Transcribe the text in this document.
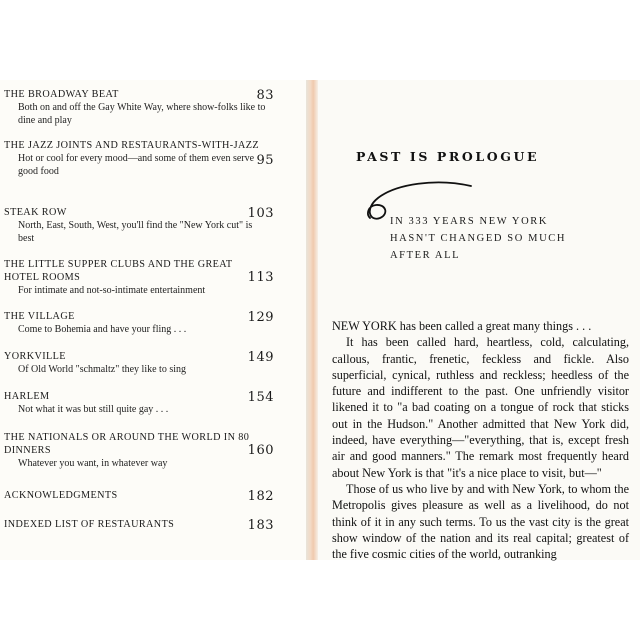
THE BROADWAY BEAT
Both on and off the Gay White Way, where show-folks like to dine and play
83
THE JAZZ JOINTS AND RESTAURANTS-WITH-JAZZ
Hot or cool for every mood—and some of them even serve good food
95
STEAK ROW
North, East, South, West, you'll find the "New York cut" is best
103
THE LITTLE SUPPER CLUBS AND THE GREAT HOTEL ROOMS
For intimate and not-so-intimate entertainment
113
THE VILLAGE
Come to Bohemia and have your fling . . .
129
YORKVILLE
Of Old World "schmaltz" they like to sing
149
HARLEM
Not what it was but still quite gay . . .
154
THE NATIONALS OR AROUND THE WORLD IN 80 DINNERS
Whatever you want, in whatever way
160
ACKNOWLEDGMENTS	182
INDEXED LIST OF RESTAURANTS	183
PAST IS PROLOGUE
IN 333 YEARS NEW YORK
HASN'T CHANGED SO MUCH
AFTER ALL

NEW YORK has been called a great many things . . .

It has been called hard, heartless, cold, calculating, callous, frantic, frenetic, feckless and fickle. Also superficial, cynical, ruthless and reckless; heedless of the future and indifferent to the past. One unfriendly visitor likened it to "a bad coating on a tongue of rock that sticks out in the Hudson." Another admitted that New York did, indeed, have everything—"everything, that is, except fresh air and good manners." The remark most frequently heard about New York is that "it's a nice place to visit, but—"

Those of us who live by and with New York, to whom the Metropolis gives pleasure as well as a livelihood, do not think of it in any such terms. To us the vast city is the great show window of the nation and its real capital; greatest of the five cosmic cities of the world, outranking
